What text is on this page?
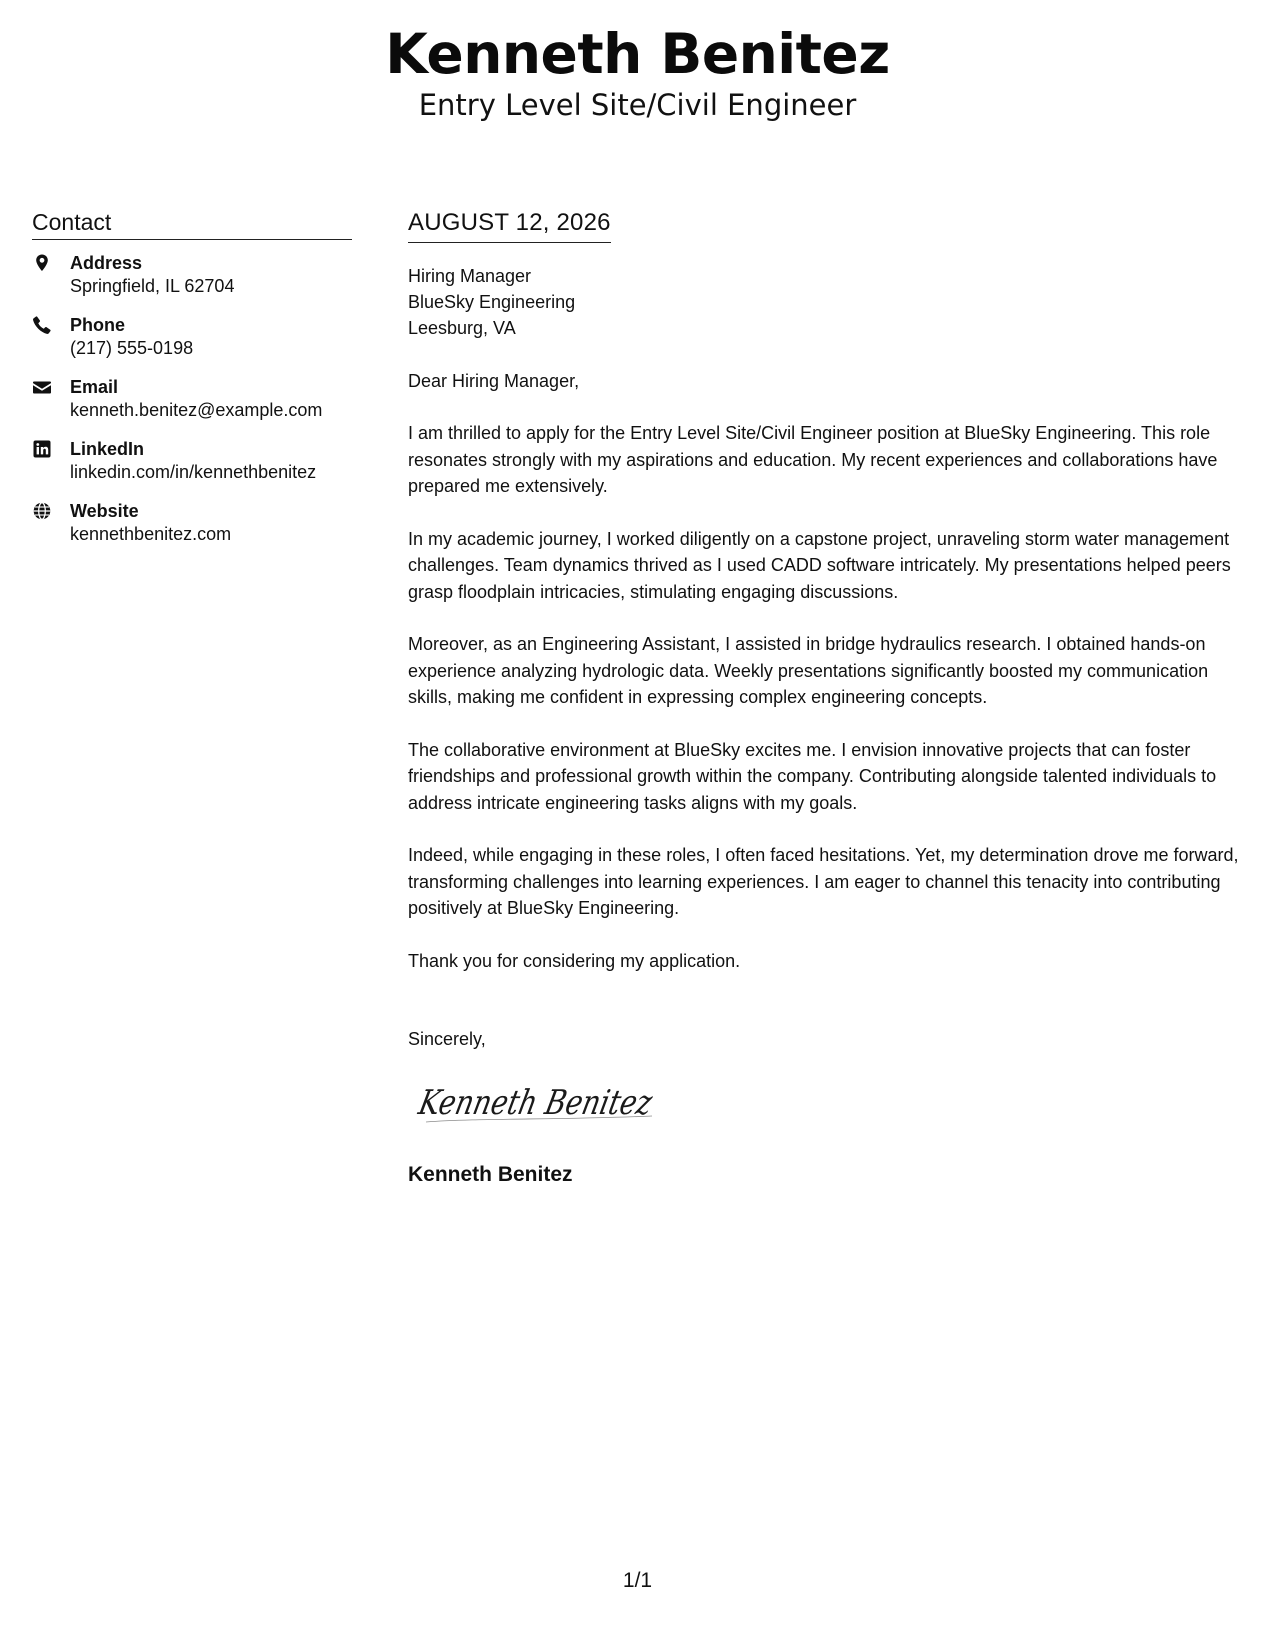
Kenneth Benitez
Entry Level Site/Civil Engineer
Contact
Address
Springfield, IL 62704
Phone
(217) 555-0198
Email
kenneth.benitez@example.com
LinkedIn
linkedin.com/in/kennethbenitez
Website
kennethbenitez.com
AUGUST 12, 2026
Hiring Manager
BlueSky Engineering
Leesburg, VA
Dear Hiring Manager,
I am thrilled to apply for the Entry Level Site/Civil Engineer position at BlueSky Engineering. This role resonates strongly with my aspirations and education. My recent experiences and collaborations have prepared me extensively.
In my academic journey, I worked diligently on a capstone project, unraveling storm water management challenges. Team dynamics thrived as I used CADD software intricately. My presentations helped peers grasp floodplain intricacies, stimulating engaging discussions.
Moreover, as an Engineering Assistant, I assisted in bridge hydraulics research. I obtained hands-on experience analyzing hydrologic data. Weekly presentations significantly boosted my communication skills, making me confident in expressing complex engineering concepts.
The collaborative environment at BlueSky excites me. I envision innovative projects that can foster friendships and professional growth within the company. Contributing alongside talented individuals to address intricate engineering tasks aligns with my goals.
Indeed, while engaging in these roles, I often faced hesitations. Yet, my determination drove me forward, transforming challenges into learning experiences. I am eager to channel this tenacity into contributing positively at BlueSky Engineering.
Thank you for considering my application.
Sincerely,
Kenneth Benitez
Kenneth Benitez
1/1
